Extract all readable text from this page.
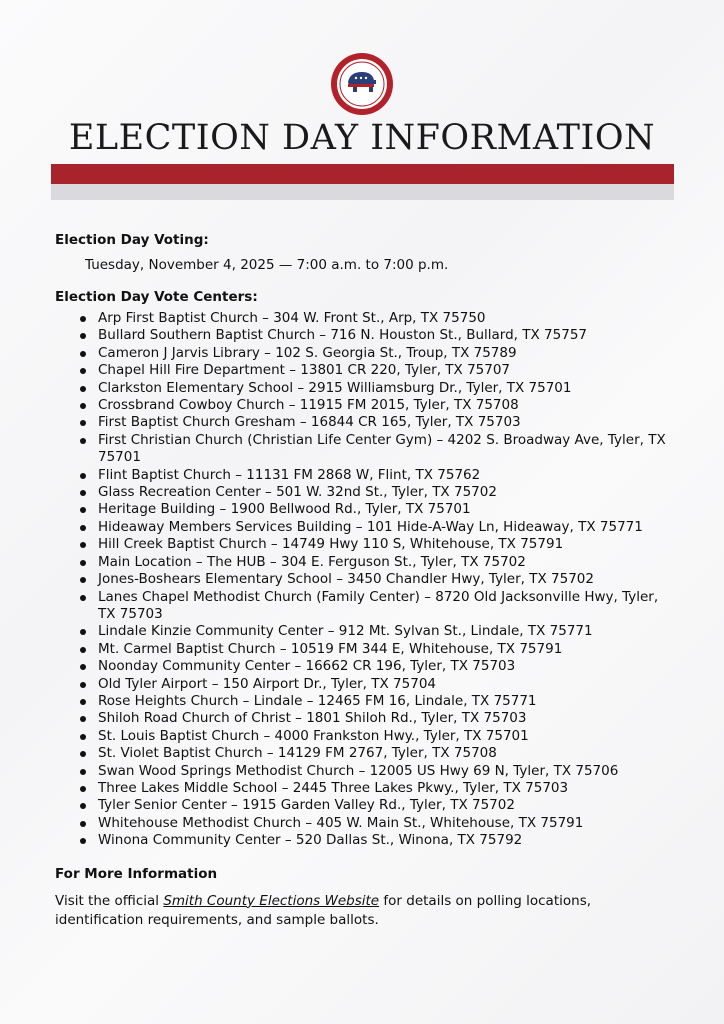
ELECTION DAY INFORMATION

Election Day Voting:

Tuesday, November 4, 2025 — 7:00 a.m. to 7:00 p.m.

Election Day Vote Centers:

Arp First Baptist Church – 304 W. Front St., Arp, TX 75750
Bullard Southern Baptist Church – 716 N. Houston St., Bullard, TX 75757
Cameron J Jarvis Library – 102 S. Georgia St., Troup, TX 75789
Chapel Hill Fire Department – 13801 CR 220, Tyler, TX 75707
Clarkston Elementary School – 2915 Williamsburg Dr., Tyler, TX 75701
Crossbrand Cowboy Church – 11915 FM 2015, Tyler, TX 75708
First Baptist Church Gresham – 16844 CR 165, Tyler, TX 75703
First Christian Church (Christian Life Center Gym) – 4202 S. Broadway Ave, Tyler, TX 75701
Flint Baptist Church – 11131 FM 2868 W, Flint, TX 75762
Glass Recreation Center – 501 W. 32nd St., Tyler, TX 75702
Heritage Building – 1900 Bellwood Rd., Tyler, TX 75701
Hideaway Members Services Building – 101 Hide-A-Way Ln, Hideaway, TX 75771
Hill Creek Baptist Church – 14749 Hwy 110 S, Whitehouse, TX 75791
Main Location – The HUB – 304 E. Ferguson St., Tyler, TX 75702
Jones-Boshears Elementary School – 3450 Chandler Hwy, Tyler, TX 75702
Lanes Chapel Methodist Church (Family Center) – 8720 Old Jacksonville Hwy, Tyler, TX 75703
Lindale Kinzie Community Center – 912 Mt. Sylvan St., Lindale, TX 75771
Mt. Carmel Baptist Church – 10519 FM 344 E, Whitehouse, TX 75791
Noonday Community Center – 16662 CR 196, Tyler, TX 75703
Old Tyler Airport – 150 Airport Dr., Tyler, TX 75704
Rose Heights Church – Lindale – 12465 FM 16, Lindale, TX 75771
Shiloh Road Church of Christ – 1801 Shiloh Rd., Tyler, TX 75703
St. Louis Baptist Church – 4000 Frankston Hwy., Tyler, TX 75701
St. Violet Baptist Church – 14129 FM 2767, Tyler, TX 75708
Swan Wood Springs Methodist Church – 12005 US Hwy 69 N, Tyler, TX 75706
Three Lakes Middle School – 2445 Three Lakes Pkwy., Tyler, TX 75703
Tyler Senior Center – 1915 Garden Valley Rd., Tyler, TX 75702
Whitehouse Methodist Church – 405 W. Main St., Whitehouse, TX 75791
Winona Community Center – 520 Dallas St., Winona, TX 75792

For More Information

Visit the official Smith County Elections Website for details on polling locations, identification requirements, and sample ballots.
